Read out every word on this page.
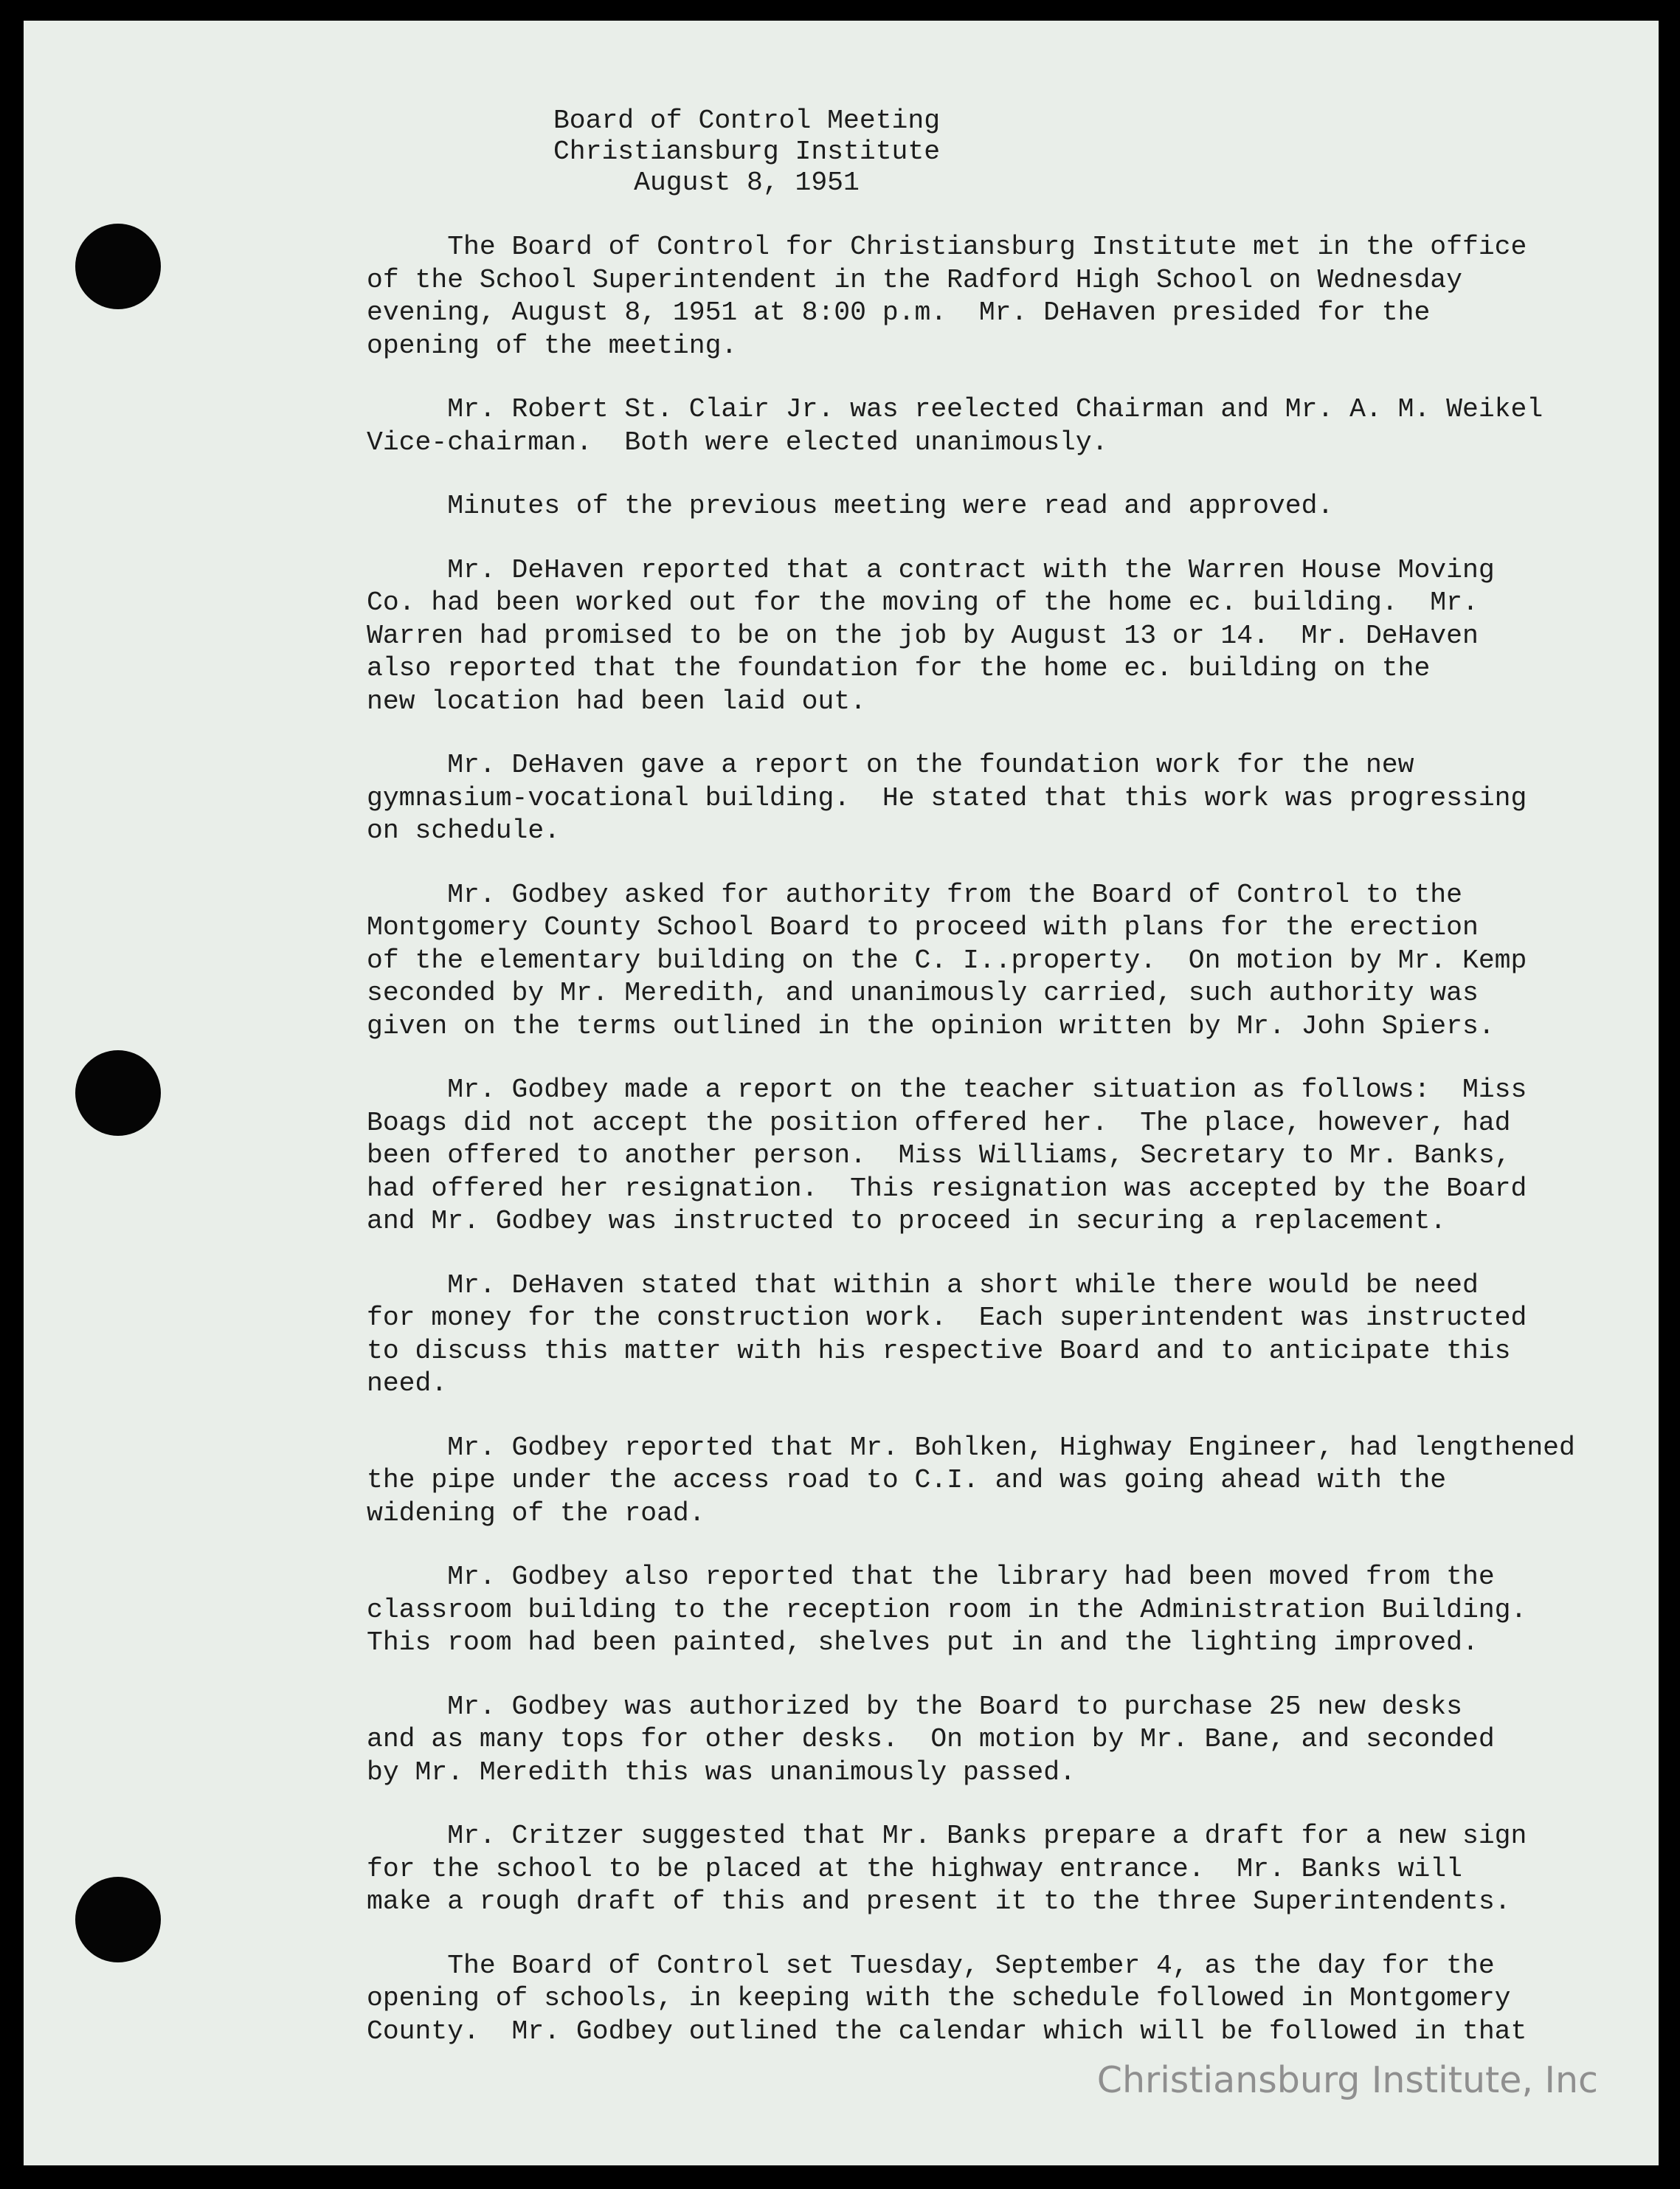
Board of Control Meeting
Christiansburg Institute
August 8, 1951
The Board of Control for Christiansburg Institute met in the office
of the School Superintendent in the Radford High School on Wednesday
evening, August 8, 1951 at 8:00 p.m.  Mr. DeHaven presided for the
opening of the meeting.
Mr. Robert St. Clair Jr. was reelected Chairman and Mr. A. M. Weikel
Vice-chairman.  Both were elected unanimously.
Minutes of the previous meeting were read and approved.
Mr. DeHaven reported that a contract with the Warren House Moving
Co. had been worked out for the moving of the home ec. building.  Mr.
Warren had promised to be on the job by August 13 or 14.  Mr. DeHaven
also reported that the foundation for the home ec. building on the
new location had been laid out.
Mr. DeHaven gave a report on the foundation work for the new
gymnasium-vocational building.  He stated that this work was progressing
on schedule.
Mr. Godbey asked for authority from the Board of Control to the
Montgomery County School Board to proceed with plans for the erection
of the elementary building on the C. I..property.  On motion by Mr. Kemp
seconded by Mr. Meredith, and unanimously carried, such authority was
given on the terms outlined in the opinion written by Mr. John Spiers.
Mr. Godbey made a report on the teacher situation as follows:  Miss
Boags did not accept the position offered her.  The place, however, had
been offered to another person.  Miss Williams, Secretary to Mr. Banks,
had offered her resignation.  This resignation was accepted by the Board
and Mr. Godbey was instructed to proceed in securing a replacement.
Mr. DeHaven stated that within a short while there would be need
for money for the construction work.  Each superintendent was instructed
to discuss this matter with his respective Board and to anticipate this
need.
Mr. Godbey reported that Mr. Bohlken, Highway Engineer, had lengthened
the pipe under the access road to C.I. and was going ahead with the
widening of the road.
Mr. Godbey also reported that the library had been moved from the
classroom building to the reception room in the Administration Building.
This room had been painted, shelves put in and the lighting improved.
Mr. Godbey was authorized by the Board to purchase 25 new desks
and as many tops for other desks.  On motion by Mr. Bane, and seconded
by Mr. Meredith this was unanimously passed.
Mr. Critzer suggested that Mr. Banks prepare a draft for a new sign
for the school to be placed at the highway entrance.  Mr. Banks will
make a rough draft of this and present it to the three Superintendents.
The Board of Control set Tuesday, September 4, as the day for the
opening of schools, in keeping with the schedule followed in Montgomery
County.  Mr. Godbey outlined the calendar which will be followed in that
Christiansburg Institute, Inc
